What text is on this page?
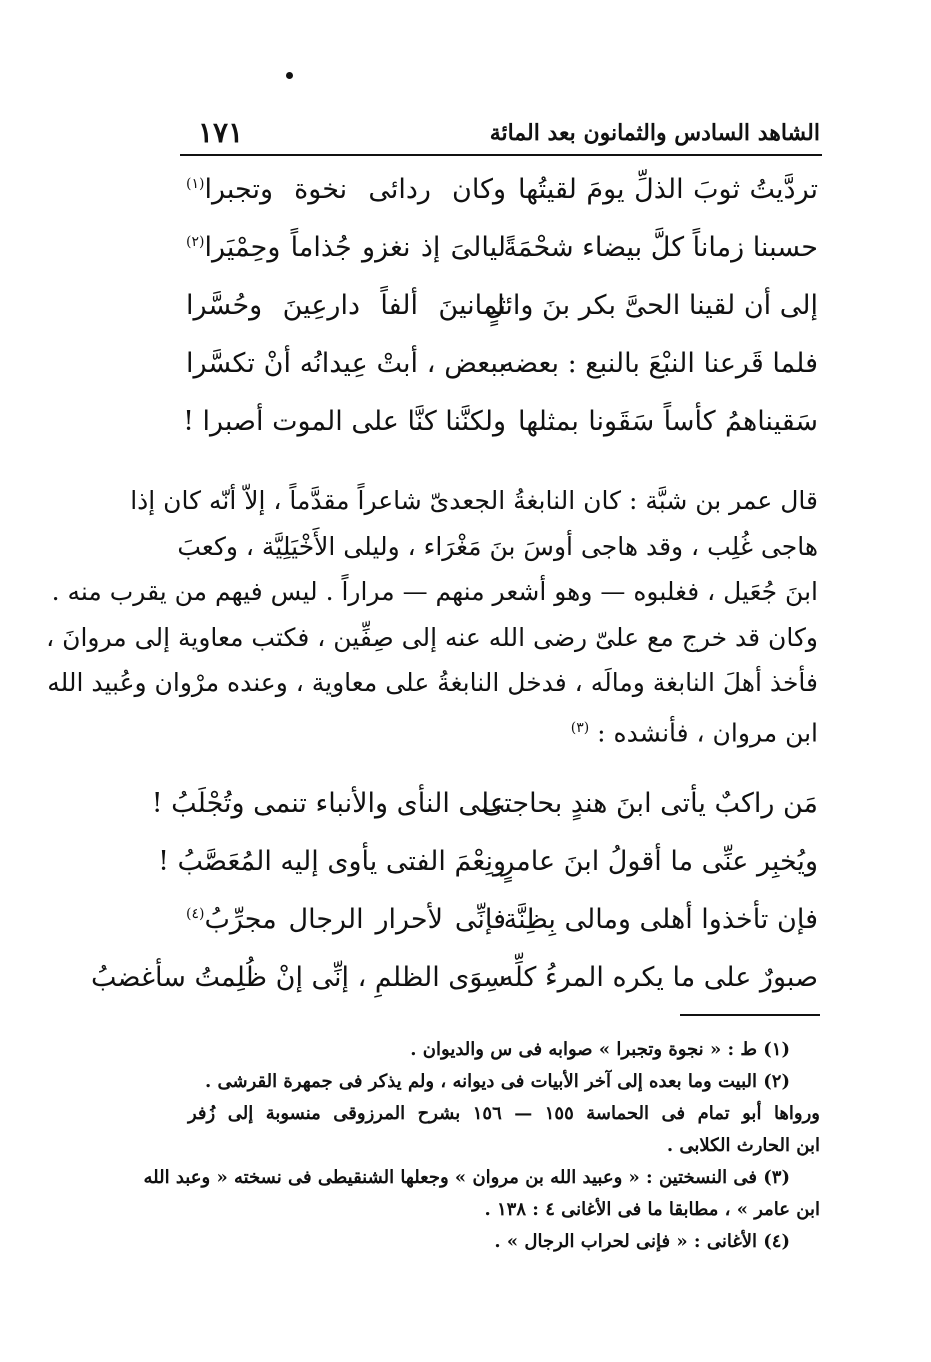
الشاهد السادس والثمانون بعد المائة
١٧١
تردَّيتُ ثوبَ الذلِّ يومَ لقيتُها
وكان ردائى نخوة وتجبرا$^{(١)}$
حسبنا زماناً كلَّ بيضاء شحْمَةً
ليالىَ إذ نغزو جُذاماً وحِمْيَرا$^{(٢)}$
إلى أن لقينا الحىَّ بكر بنَ وائلٍ
ثمانينَ ألفاً دارعِينَ وحُسَّرا
فلما قَرعنا النبْعَ بالنبع : بعضه
ببعض ، أبتْ عِيدانُه أنْ تكسَّرا
سَقيناهمُ كأساً سَقَونا بمثلها
ولكنَّنا كنَّا على الموت أصبرا !
قال عمر بن شبَّة : كان النابغةُ الجعدىّ شاعراً مقدَّماً ، إلاّ أنّه كان إذا
هاجى غُلِب ، وقد هاجى أوسَ بنَ مَغْرَاء ، وليلى الأَخْيَلِيَّة ، وكعبَ
ابنَ جُعَيل ، فغلبوه — وهو أشعر منهم — مراراً . ليس فيهم من يقرب منه .
وكان قد خرج مع علىّ رضى الله عنه إلى صِفِّين ، فكتب معاوية إلى مروانَ ،
فأخذ أهلَ النابغة ومالَه ، فدخل النابغةُ على معاوية ، وعنده مرْوان وعُبيد الله
ابن مروان ، فأنشده : $^{(٣)}$
مَن راكبٌ يأتى ابنَ هندٍ بحاجتى
على النأى والأنباء تنمى وتُجْلَبُ !
ويُخبِر عنِّى ما أقولُ ابنَ عامرٍ
ونِعْمَ الفتى يأوى إليه المُعَصَّبُ !
فإن تأخذوا أهلى ومالى بِظِنَّة
فإنِّى لأحرار الرجال مجرِّبُ$^{(٤)}$
صبورٌ على ما يكره المرءُ كلِّه
سِوَى الظلمِ ، إنِّى إنْ ظُلِمتُ سأغضبُ
(١) ط : « نجوة وتجبرا » صوابه فى س والديوان .
(٢) البيت وما بعده إلى آخر الأبيات فى ديوانه ، ولم يذكر فى جمهرة القرشى .
ورواها أبو تمام فى الحماسة ١٥٥ — ١٥٦ بشرح المرزوقى منسوبة إلى زُفر
ابن الحارث الكلابى .
(٣) فى النسختين : « وعبيد الله بن مروان » وجعلها الشنقيطى فى نسخته « وعبد الله
ابن عامر » ، مطابقا ما فى الأغانى ٤ : ١٣٨ .
(٤) الأغانى : « فإنى لحراب الرجال » .
